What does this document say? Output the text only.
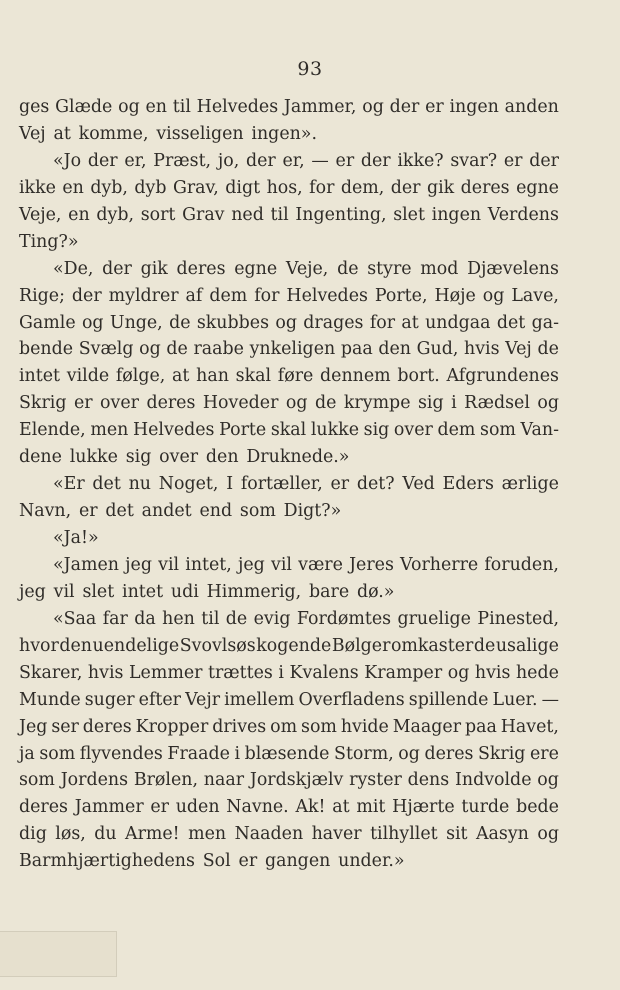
93
ges Glæde og en til Helvedes Jammer, og der er ingen anden
Vej at komme, visseligen ingen».
«Jo der er, Præst, jo, der er, — er der ikke? svar? er der
ikke en dyb, dyb Grav, digt hos, for dem, der gik deres egne
Veje, en dyb, sort Grav ned til Ingenting, slet ingen Verdens
Ting?»
«De, der gik deres egne Veje, de styre mod Djævelens
Rige; der myldrer af dem for Helvedes Porte, Høje og Lave,
Gamle og Unge, de skubbes og drages for at undgaa det ga-
bende Svælg og de raabe ynkeligen paa den Gud, hvis Vej de
intet vilde følge, at han skal føre dennem bort. Afgrundenes
Skrig er over deres Hoveder og de krympe sig i Rædsel og
Elende, men Helvedes Porte skal lukke sig over dem som Van-
dene lukke sig over den Druknede.»
«Er det nu Noget, I fortæller, er det? Ved Eders ærlige
Navn, er det andet end som Digt?»
«Ja!»
«Jamen jeg vil intet, jeg vil være Jeres Vorherre foruden,
jeg vil slet intet udi Himmerig, bare dø.»
«Saa far da hen til de evig Fordømtes gruelige Pinested,
hvor den uendelige Svovlsøs kogende Bølger omkaster de usalige
Skarer, hvis Lemmer trættes i Kvalens Kramper og hvis hede
Munde suger efter Vejr imellem Overfladens spillende Luer. —
Jeg ser deres Kropper drives om som hvide Maager paa Havet,
ja som flyvendes Fraade i blæsende Storm, og deres Skrig ere
som Jordens Brølen, naar Jordskjælv ryster dens Indvolde og
deres Jammer er uden Navne. Ak! at mit Hjærte turde bede
dig løs, du Arme! men Naaden haver tilhyllet sit Aasyn og
Barmhjærtighedens Sol er gangen under.»
